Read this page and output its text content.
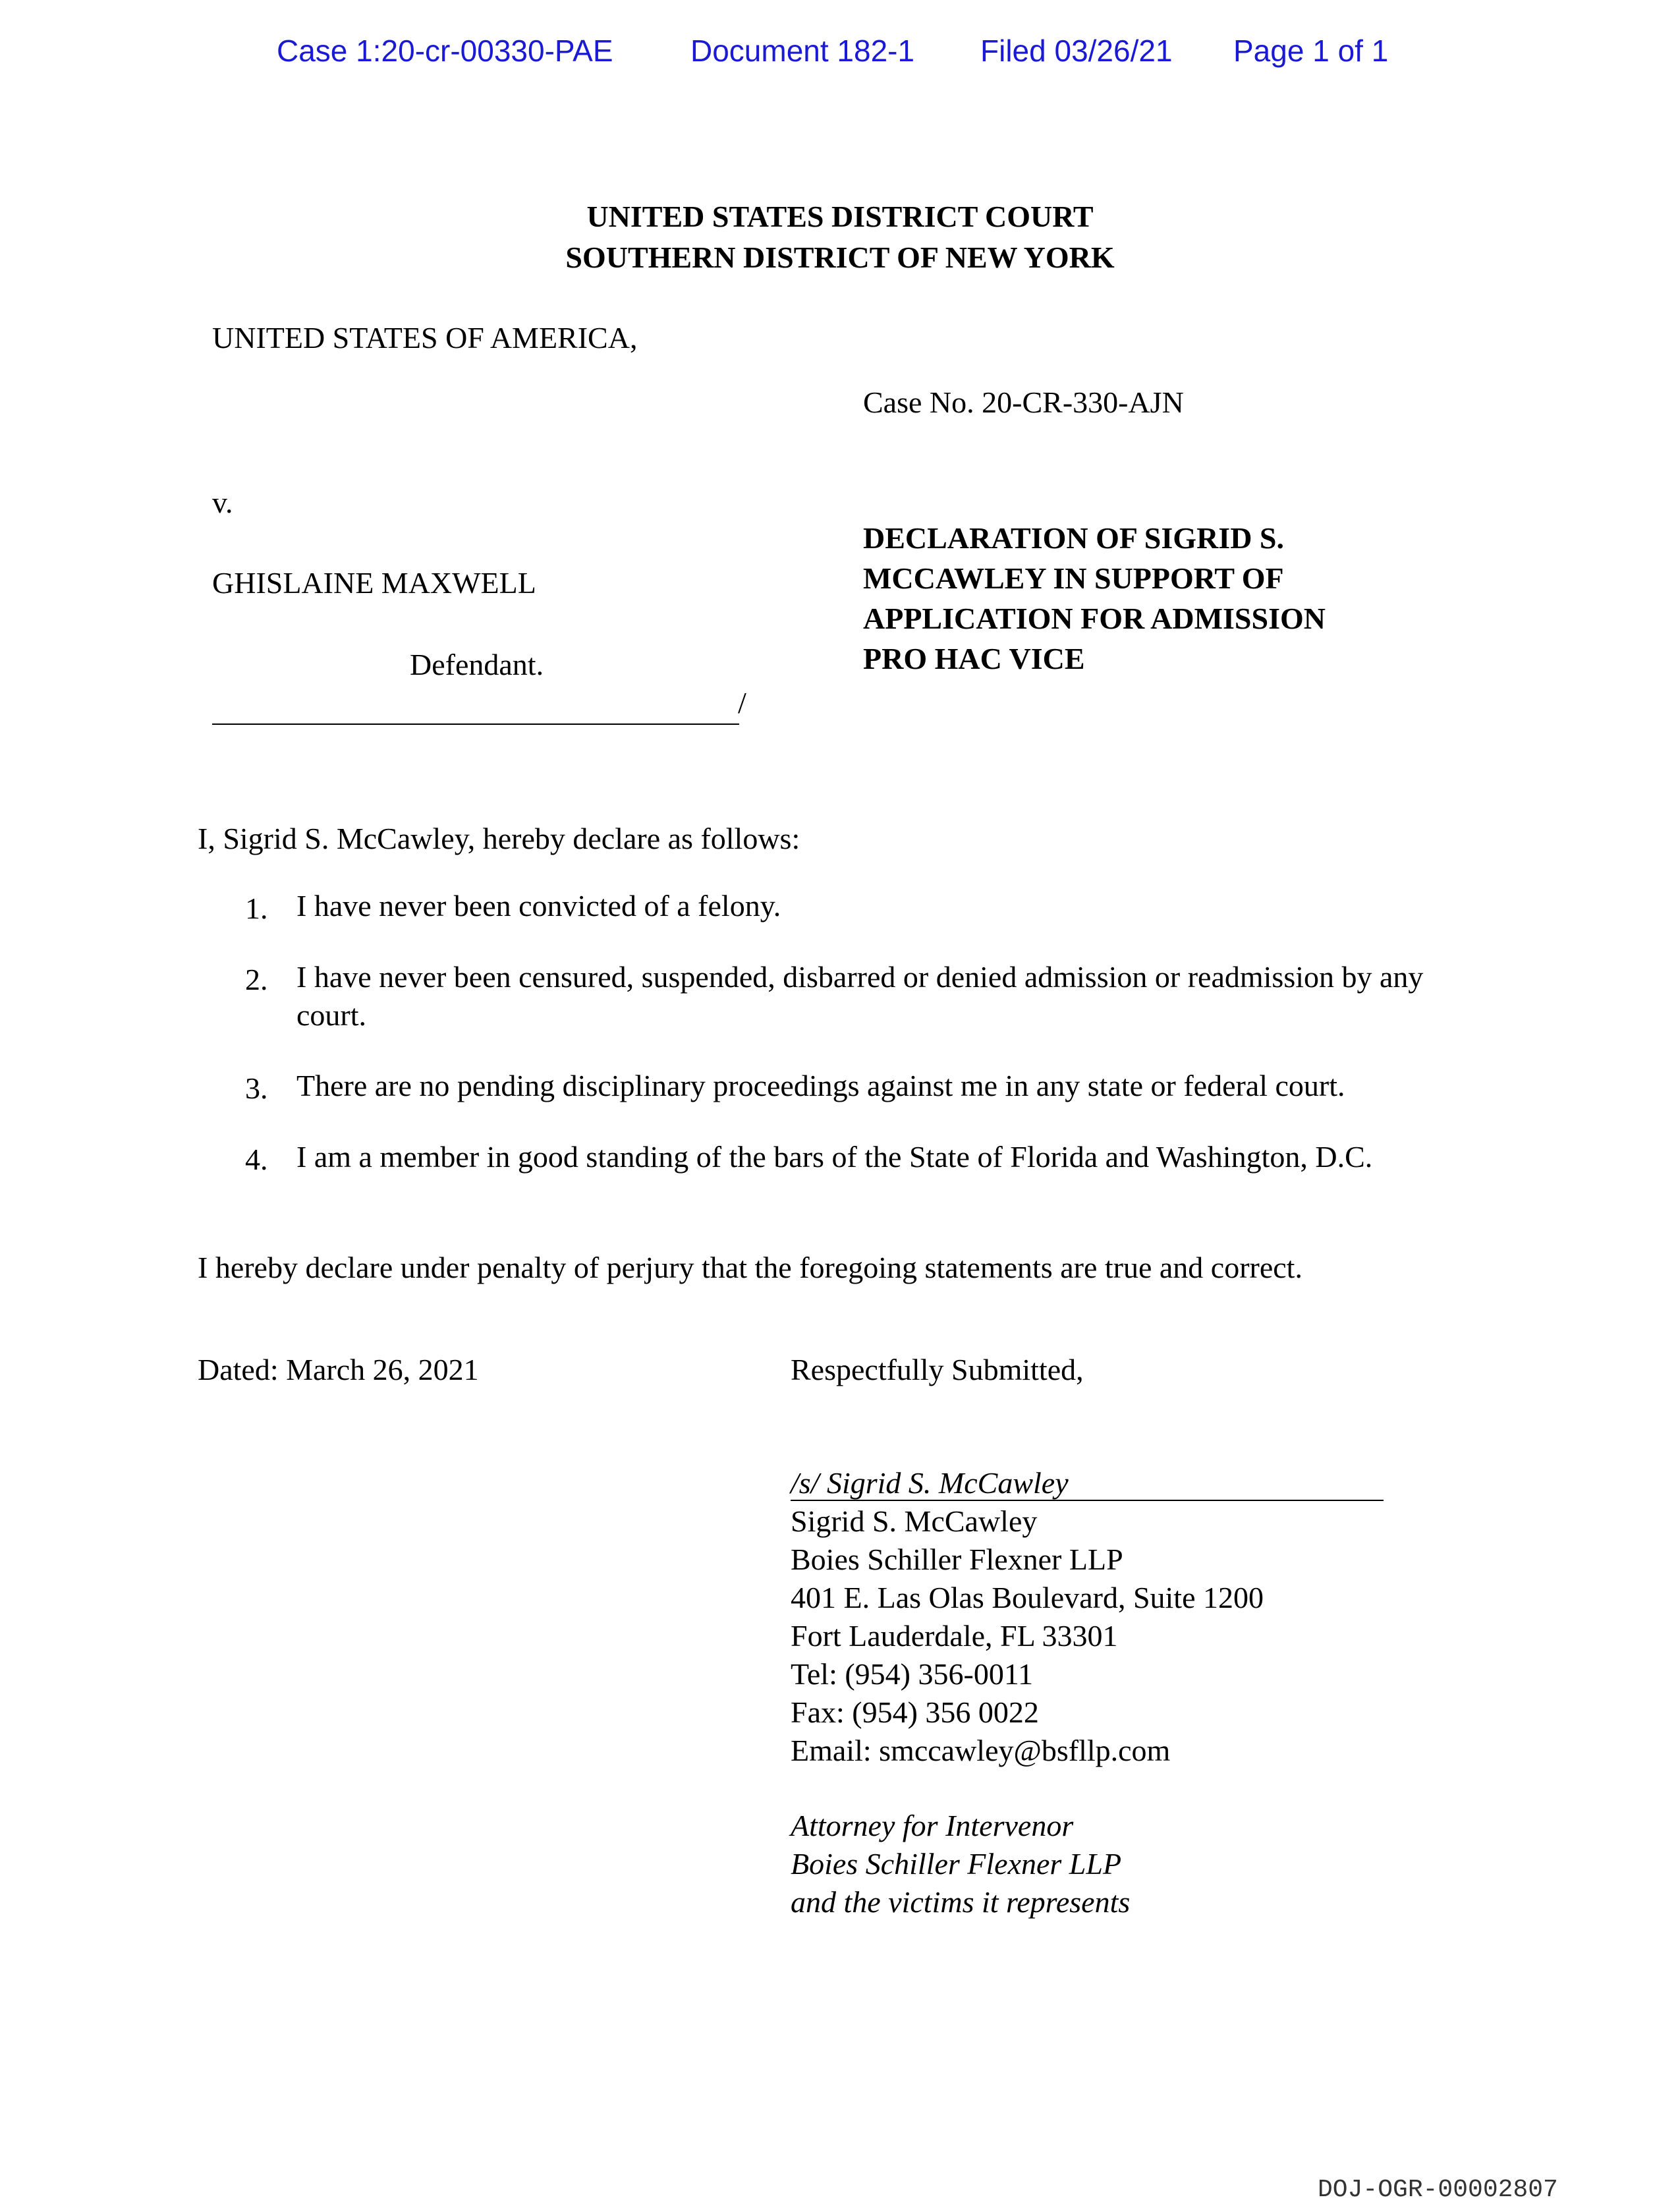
Case 1:20-cr-00330-PAE	Document 182-1 Filed 03/26/21 Page 1 of 1
UNITED STATES DISTRICT COURT
SOUTHERN DISTRICT OF NEW YORK
UNITED STATES OF AMERICA,
Case No. 20-CR-330-AJN
v.
GHISLAINE MAXWELL
Defendant.
/
DECLARATION OF SIGRID S.
MCCAWLEY IN SUPPORT OF
APPLICATION FOR ADMISSION
PRO HAC VICE
I, Sigrid S. McCawley, hereby declare as follows:
1. I have never been convicted of a felony.
2. I have never been censured, suspended, disbarred or denied admission or readmission by any court.
3. There are no pending disciplinary proceedings against me in any state or federal court.
4. I am a member in good standing of the bars of the State of Florida and Washington, D.C.
I hereby declare under penalty of perjury that the foregoing statements are true and correct.
Dated: March 26, 2021	Respectfully Submitted,
/s/ Sigrid S. McCawley
Sigrid S. McCawley
Boies Schiller Flexner LLP
401 E. Las Olas Boulevard, Suite 1200
Fort Lauderdale, FL 33301
Tel: (954) 356-0011
Fax: (954) 356 0022
Email: smccawley@bsfllp.com
Attorney for Intervenor
Boies Schiller Flexner LLP
and the victims it represents
DOJ-OGR-00002807
